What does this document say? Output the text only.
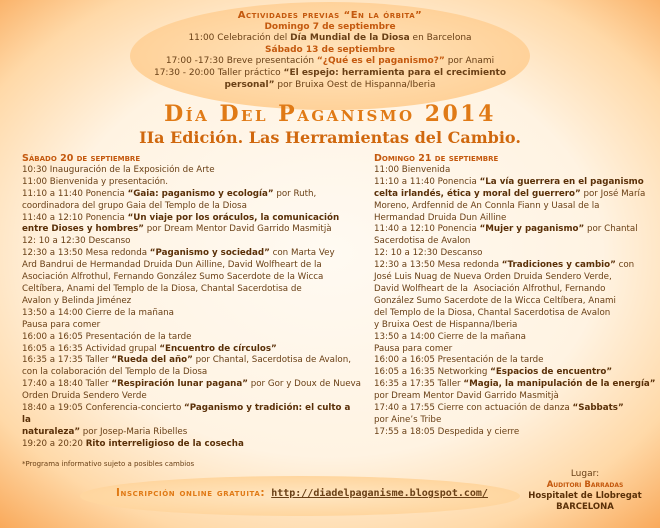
Actividades previas “En la órbita”
Domingo 7 de septiembre
11:00 Celebración del Día Mundial de la Diosa en Barcelona
Sábado 13 de septiembre
17:00 -17:30 Breve presentación “¿Qué es el paganismo?” por Anami
17:30 - 20:00 Taller práctico “El espejo: herramienta para el crecimiento
personal” por Bruixa Oest de Hispanna/Iberia
Día Del Paganismo 2014
IIa Edición. Las Herramientas del Cambio.
Sábado 20 de septiembre
10:30 Inauguración de la Exposición de Arte
11:00 Bienvenida y presentación.
11:10 a 11:40 Ponencia “Gaia: paganismo y ecología” por Ruth,
coordinadora del grupo Gaia del Templo de la Diosa
11:40 a 12:10 Ponencia “Un viaje por los oráculos, la comunicación
entre Dioses y hombres” por Dream Mentor David Garrido Masmitjà
12: 10 a 12:30 Descanso
12:30 a 13:50 Mesa redonda “Paganismo y sociedad” con Marta Vey
Ard Bandrui de Hermandad Druida Dun Ailline, David Wolfheart de la
Asociación Alfrothul, Fernando González Sumo Sacerdote de la Wicca
Celtíbera, Anami del Templo de la Diosa, Chantal Sacerdotisa de
Avalon y Belinda Jiménez
13:50 a 14:00 Cierre de la mañana
Pausa para comer
16:00 a 16:05 Presentación de la tarde
16:05 a 16:35 Actividad grupal “Encuentro de círculos”
16:35 a 17:35 Taller “Rueda del año” por Chantal, Sacerdotisa de Avalon,
con la colaboración del Templo de la Diosa
17:40 a 18:40 Taller “Respiración lunar pagana” por Gor y Doux de Nueva
Orden Druida Sendero Verde
18:40 a 19:05 Conferencia-concierto “Paganismo y tradición: el culto a la
naturaleza” por Josep-Maria Ribelles
19:20 a 20:20 Rito interreligioso de la cosecha
Domingo 21 de septiembre
11:00 Bienvenida
11:10 a 11:40 Ponencia “La vía guerrera en el paganismo
celta irlandés, ética y moral del guerrero” por José María
Moreno, Ardfennid de An Connla Fiann y Uasal de la
Hermandad Druida Dun Ailline
11:40 a 12:10 Ponencia “Mujer y paganismo” por Chantal
Sacerdotisa de Avalon
12: 10 a 12:30 Descanso
12:30 a 13:50 Mesa redonda “Tradiciones y cambio” con
José Luis Nuag de Nueva Orden Druida Sendero Verde,
David Wolfheart de la  Asociación Alfrothul, Fernando
González Sumo Sacerdote de la Wicca Celtíbera, Anami
del Templo de la Diosa, Chantal Sacerdotisa de Avalon
y Bruixa Oest de Hispanna/Iberia
13:50 a 14:00 Cierre de la mañana
Pausa para comer
16:00 a 16:05 Presentación de la tarde
16:05 a 16:35 Networking “Espacios de encuentro”
16:35 a 17:35 Taller “Magia, la manipulación de la energía”
por Dream Mentor David Garrido Masmitjà
17:40 a 17:55 Cierre con actuación de danza “Sabbats”
por Aine’s Tribe
17:55 a 18:05 Despedida y cierre
*Programa informativo sujeto a posibles cambios
Inscripción online gratuita: http://diadelpaganisme.blogspot.com/
Lugar:
Auditori Barradas
Hospitalet de Llobregat
BARCELONA
